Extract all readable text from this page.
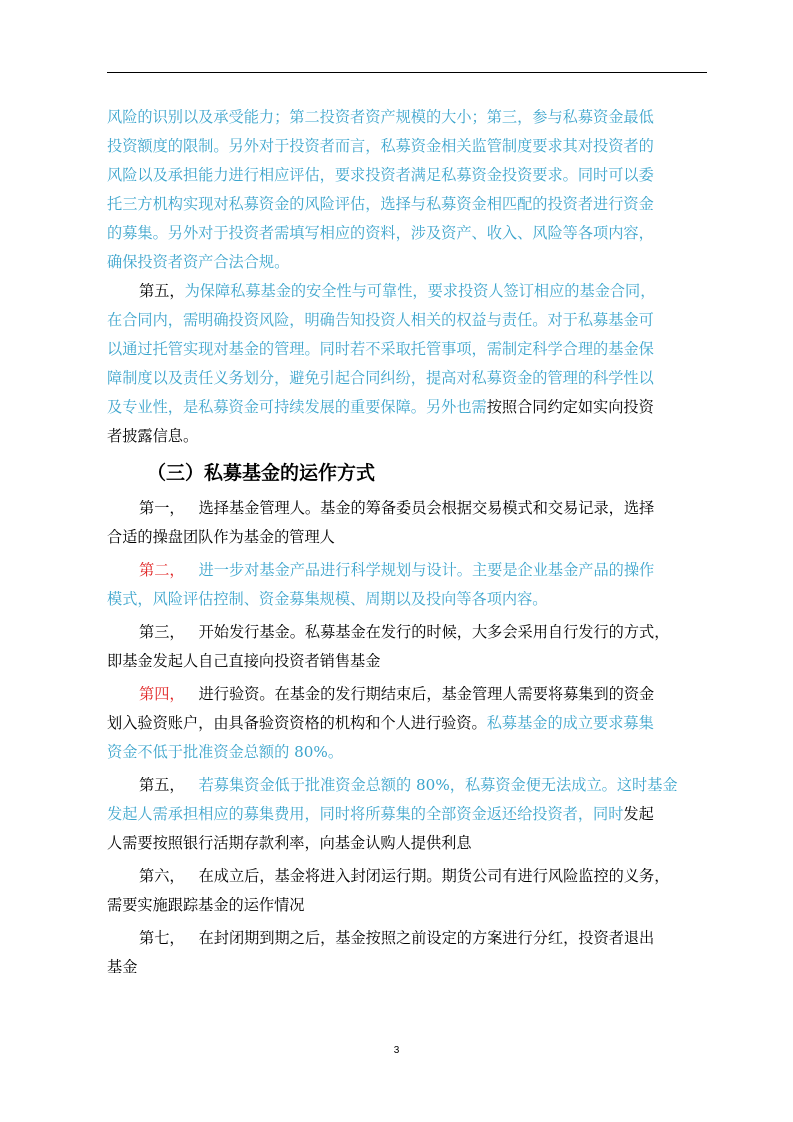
风险的识别以及承受能力；第二投资者资产规模的大小；第三，参与私募资金最低

投资额度的限制。另外对于投资者而言，私募资金相关监管制度要求其对投资者的

风险以及承担能力进行相应评估，要求投资者满足私募资金投资要求。同时可以委

托三方机构实现对私募资金的风险评估，选择与私募资金相匹配的投资者进行资金

的募集。另外对于投资者需填写相应的资料，涉及资产、收入、风险等各项内容，

确保投资者资产合法合规。

第五，为保障私募基金的安全性与可靠性，要求投资人签订相应的基金合同，

在合同内，需明确投资风险，明确告知投资人相关的权益与责任。对于私募基金可

以通过托管实现对基金的管理。同时若不采取托管事项，需制定科学合理的基金保

障制度以及责任义务划分，避免引起合同纠纷，提高对私募资金的管理的科学性以

及专业性，是私募资金可持续发展的重要保障。另外也需按照合同约定如实向投资

者披露信息。

（三）私募基金的运作方式

第一， 选择基金管理人。基金的筹备委员会根据交易模式和交易记录，选择

合适的操盘团队作为基金的管理人

第二， 进一步对基金产品进行科学规划与设计。主要是企业基金产品的操作

模式，风险评估控制、资金募集规模、周期以及投向等各项内容。

第三， 开始发行基金。私募基金在发行的时候，大多会采用自行发行的方式，

即基金发起人自己直接向投资者销售基金

第四， 进行验资。在基金的发行期结束后，基金管理人需要将募集到的资金

划入验资账户，由具备验资资格的机构和个人进行验资。私募基金的成立要求募集

资金不低于批准资金总额的 80%。

第五， 若募集资金低于批准资金总额的 80%，私募资金便无法成立。这时基金

发起人需承担相应的募集费用，同时将所募集的全部资金返还给投资者，同时发起

人需要按照银行活期存款利率，向基金认购人提供利息

第六， 在成立后，基金将进入封闭运行期。期货公司有进行风险监控的义务，

需要实施跟踪基金的运作情况

第七， 在封闭期到期之后，基金按照之前设定的方案进行分红，投资者退出

基金

3
